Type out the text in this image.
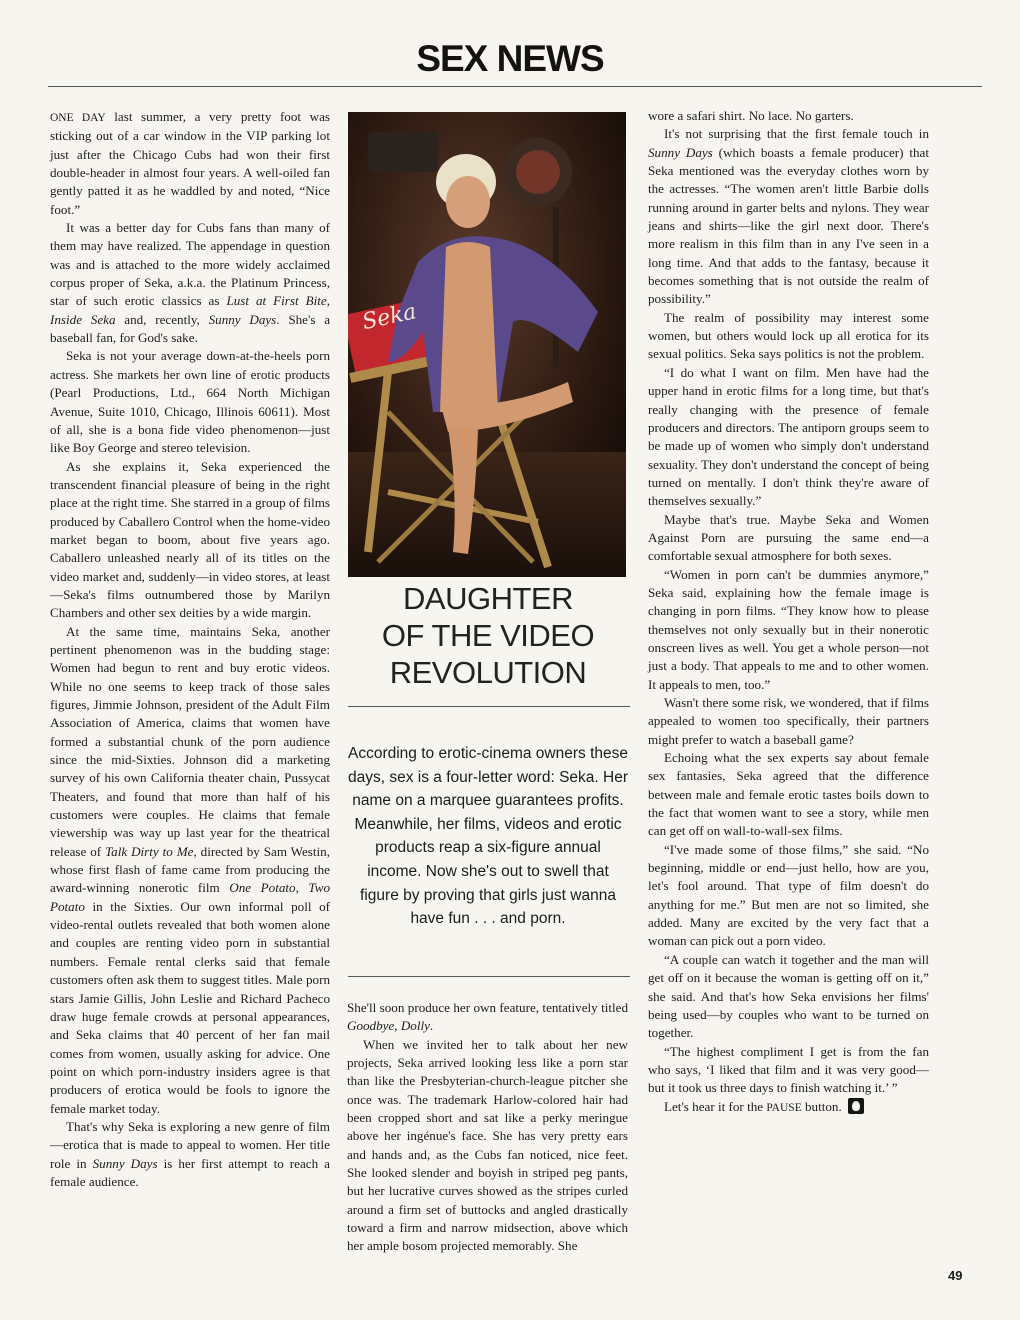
SEX NEWS

ONE DAY last summer, a very pretty foot was sticking out of a car window in the VIP parking lot just after the Chicago Cubs had won their first double-header in almost four years. A well-oiled fan gently patted it as he waddled by and noted, “Nice foot.”

It was a better day for Cubs fans than many of them may have realized. The appendage in question was and is attached to the more widely acclaimed corpus proper of Seka, a.k.a. the Platinum Princess, star of such erotic classics as Lust at First Bite, Inside Seka and, recently, Sunny Days. She's a baseball fan, for God's sake.

Seka is not your average down-at-the-heels porn actress. She markets her own line of erotic products (Pearl Productions, Ltd., 664 North Michigan Avenue, Suite 1010, Chicago, Illinois 60611). Most of all, she is a bona fide video phenomenon—just like Boy George and stereo television.

As she explains it, Seka experienced the transcendent financial pleasure of being in the right place at the right time. She starred in a group of films produced by Caballero Control when the home-video market began to boom, about five years ago. Caballero unleashed nearly all of its titles on the video market and, suddenly—in video stores, at least—Seka's films outnumbered those by Marilyn Chambers and other sex deities by a wide margin.

At the same time, maintains Seka, another pertinent phenomenon was in the budding stage: Women had begun to rent and buy erotic videos. While no one seems to keep track of those sales figures, Jimmie Johnson, president of the Adult Film Association of America, claims that women have formed a substantial chunk of the porn audience since the mid-Sixties. Johnson did a marketing survey of his own California theater chain, Pussycat Theaters, and found that more than half of his customers were couples. He claims that female viewership was way up last year for the theatrical release of Talk Dirty to Me, directed by Sam Westin, whose first flash of fame came from producing the award-winning nonerotic film One Potato, Two Potato in the Sixties. Our own informal poll of video-rental outlets revealed that both women alone and couples are renting video porn in substantial numbers. Female rental clerks said that female customers often ask them to suggest titles. Male porn stars Jamie Gillis, John Leslie and Richard Pacheco draw huge female crowds at personal appearances, and Seka claims that 40 percent of her fan mail comes from women, usually asking for advice. One point on which porn-industry insiders agree is that producers of erotica would be fools to ignore the female market today.

That's why Seka is exploring a new genre of film—erotica that is made to appeal to women. Her title role in Sunny Days is her first attempt to reach a female audience.

Seka
DAUGHTER
OF THE VIDEO
REVOLUTION

According to erotic-cinema owners these days, sex is a four-letter word: Seka. Her name on a marquee guarantees profits. Meanwhile, her films, videos and erotic products reap a six-figure annual income. Now she's out to swell that figure by proving that girls just wanna have fun . . . and porn.

She'll soon produce her own feature, tentatively titled Goodbye, Dolly.

When we invited her to talk about her new projects, Seka arrived looking less like a porn star than like the Presbyterian-church-league pitcher she once was. The trademark Harlow-colored hair had been cropped short and sat like a perky meringue above her ingénue's face. She has very pretty ears and hands and, as the Cubs fan noticed, nice feet. She looked slender and boyish in striped peg pants, but her lucrative curves showed as the stripes curled around a firm set of buttocks and angled drastically toward a firm and narrow midsection, above which her ample bosom projected memorably. She

wore a safari shirt. No lace. No garters.

It's not surprising that the first female touch in Sunny Days (which boasts a female producer) that Seka mentioned was the everyday clothes worn by the actresses. “The women aren't little Barbie dolls running around in garter belts and nylons. They wear jeans and shirts—like the girl next door. There's more realism in this film than in any I've seen in a long time. And that adds to the fantasy, because it becomes something that is not outside the realm of possibility.”

The realm of possibility may interest some women, but others would lock up all erotica for its sexual politics. Seka says politics is not the problem.

“I do what I want on film. Men have had the upper hand in erotic films for a long time, but that's really changing with the presence of female producers and directors. The antiporn groups seem to be made up of women who simply don't understand sexuality. They don't understand the concept of being turned on mentally. I don't think they're aware of themselves sexually.”

Maybe that's true. Maybe Seka and Women Against Porn are pursuing the same end—a comfortable sexual atmosphere for both sexes.

“Women in porn can't be dummies anymore,” Seka said, explaining how the female image is changing in porn films. “They know how to please themselves not only sexually but in their nonerotic onscreen lives as well. You get a whole person—not just a body. That appeals to me and to other women. It appeals to men, too.”

Wasn't there some risk, we wondered, that if films appealed to women too specifically, their partners might prefer to watch a baseball game?

Echoing what the sex experts say about female sex fantasies, Seka agreed that the difference between male and female erotic tastes boils down to the fact that women want to see a story, while men can get off on wall-to-wall-sex films.

“I've made some of those films,” she said. “No beginning, middle or end—just hello, how are you, let's fool around. That type of film doesn't do anything for me.” But men are not so limited, she added. Many are excited by the very fact that a woman can pick out a porn video.

“A couple can watch it together and the man will get off on it because the woman is getting off on it,” she said. And that's how Seka envisions her films' being used—by couples who want to be turned on together.

“The highest compliment I get is from the fan who says, ‘I liked that film and it was very good—but it took us three days to finish watching it.’ ”

Let's hear it for the PAUSE button.

49
